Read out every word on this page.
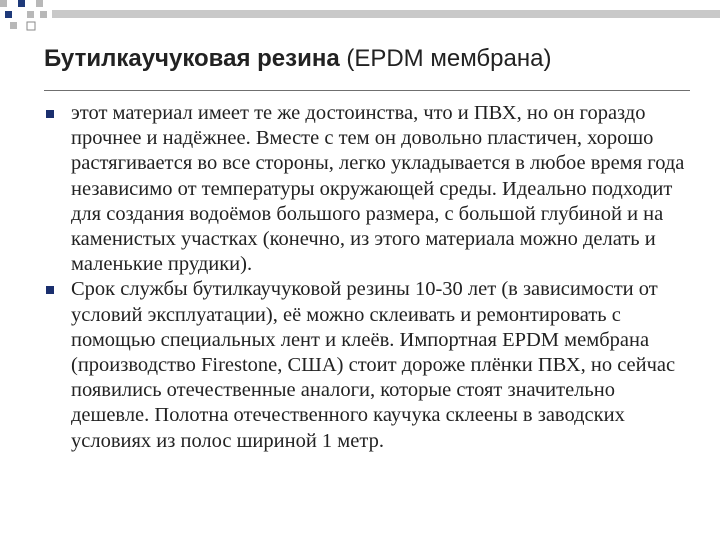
Бутилкаучуковая резина (EPDM мембрана)
этот материал имеет те же достоинства, что и ПВХ, но он гораздо прочнее и надёжнее. Вместе с тем он довольно пластичен, хорошо растягивается во все стороны, легко укладывается в любое время года независимо от температуры окружающей среды. Идеально подходит для создания водоёмов большого размера, с большой глубиной и на каменистых участках (конечно, из этого материала можно делать и маленькие прудики).
Срок службы бутилкаучуковой резины 10-30 лет (в зависимости от условий эксплуатации), её можно склеивать и ремонтировать с помощью специальных лент и клеёв. Импортная EPDM мембрана (производство Firestone, США) стоит дороже плёнки ПВХ, но сейчас появились отечественные аналоги, которые стоят значительно дешевле. Полотна отечественного каучука склеены в заводских условиях из полос шириной 1 метр.
